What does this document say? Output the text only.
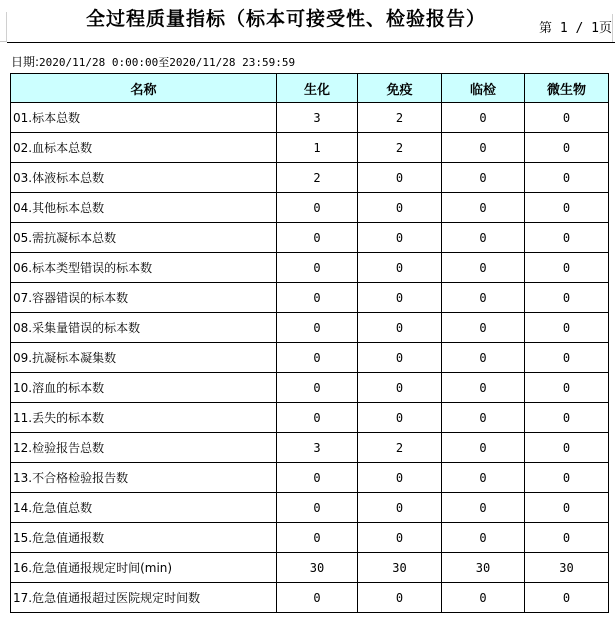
全过程质量指标（标本可接受性、检验报告）	第 1 / 1页
日期:2020/11/28 0:00:00至2020/11/28 23:59:59
名称	生化	免疫	临检	微生物
01.标本总数	3	2	0	0
02.血标本总数	1	2	0	0
03.体液标本总数	2	0	0	0
04.其他标本总数	0	0	0	0
05.需抗凝标本总数	0	0	0	0
06.标本类型错误的标本数	0	0	0	0
07.容器错误的标本数	0	0	0	0
08.采集量错误的标本数	0	0	0	0
09.抗凝标本凝集数	0	0	0	0
10.溶血的标本数	0	0	0	0
11.丢失的标本数	0	0	0	0
12.检验报告总数	3	2	0	0
13.不合格检验报告数	0	0	0	0
14.危急值总数	0	0	0	0
15.危急值通报数	0	0	0	0
16.危急值通报规定时间(min)	30	30	30	30
17.危急值通报超过医院规定时间数	0	0	0	0
